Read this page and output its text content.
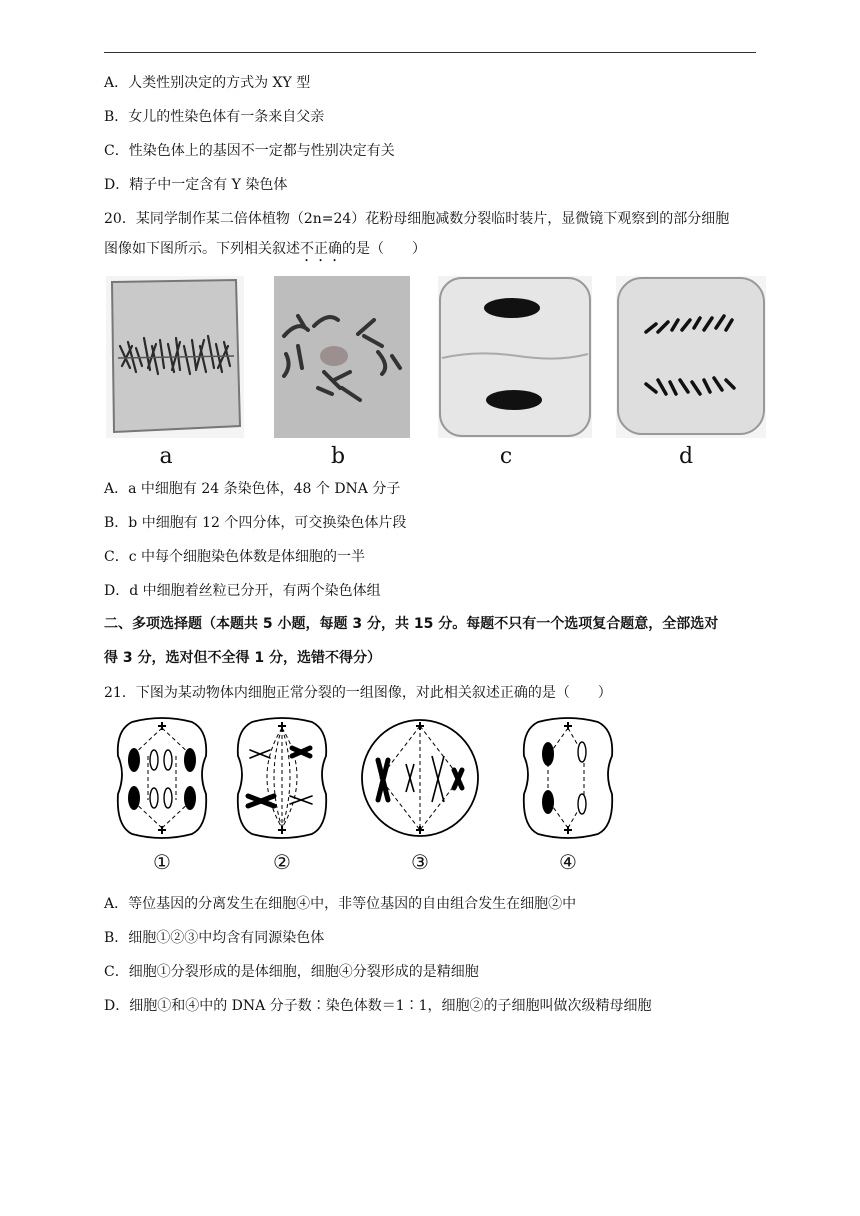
A．人类性别决定的方式为 XY 型
B．女儿的性染色体有一条来自父亲
C．性染色体上的基因不一定都与性别决定有关
D．精子中一定含有 Y 染色体
20．某同学制作某二倍体植物（2n=24）花粉母细胞减数分裂临时装片，显微镜下观察到的部分细胞
图像如下图所示。下列相关叙述不正确的是（　　）
a	b	c	d
A．a 中细胞有 24 条染色体，48 个 DNA 分子
B．b 中细胞有 12 个四分体，可交换染色体片段
C．c 中每个细胞染色体数是体细胞的一半
D．d 中细胞着丝粒已分开，有两个染色体组
二、多项选择题（本题共 5 小题，每题 3 分，共 15 分。每题不只有一个选项复合题意，全部选对
得 3 分，选对但不全得 1 分，选错不得分）
21．下图为某动物体内细胞正常分裂的一组图像，对此相关叙述正确的是（　　）
①	②	③	④
A．等位基因的分离发生在细胞④中，非等位基因的自由组合发生在细胞②中
B．细胞①②③中均含有同源染色体
C．细胞①分裂形成的是体细胞，细胞④分裂形成的是精细胞
D．细胞①和④中的 DNA 分子数∶染色体数＝1∶1，细胞②的子细胞叫做次级精母细胞
